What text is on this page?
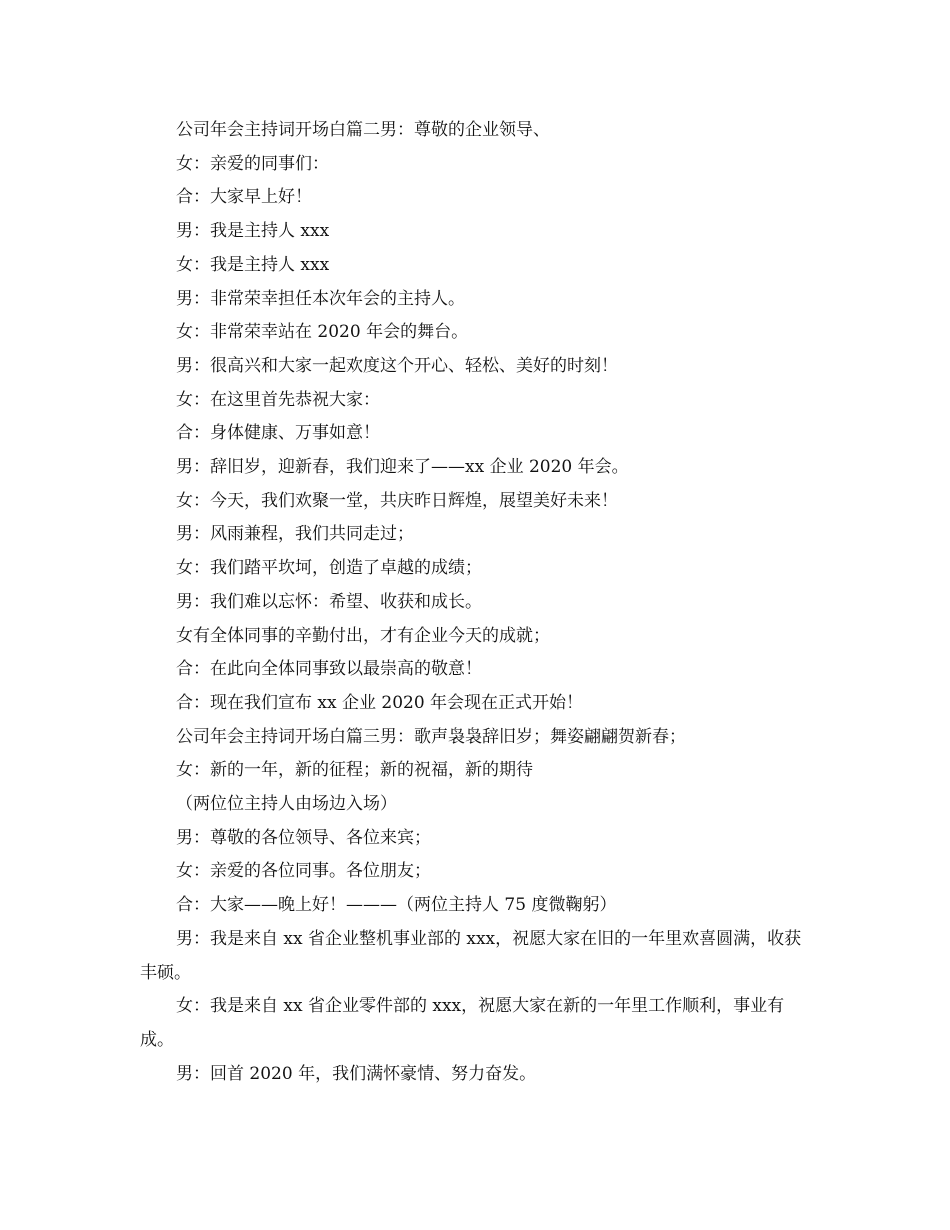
公司年会主持词开场白篇二男：尊敬的企业领导、

女：亲爱的同事们：

合：大家早上好！

男：我是主持人 xxx

女：我是主持人 xxx

男：非常荣幸担任本次年会的主持人。

女：非常荣幸站在 2020 年会的舞台。

男：很高兴和大家一起欢度这个开心、轻松、美好的时刻！

女：在这里首先恭祝大家：

合：身体健康、万事如意！

男：辞旧岁，迎新春，我们迎来了——xx 企业 2020 年会。

女：今天，我们欢聚一堂，共庆昨日辉煌，展望美好未来！

男：风雨兼程，我们共同走过；

女：我们踏平坎坷，创造了卓越的成绩；

男：我们难以忘怀：希望、收获和成长。

女有全体同事的辛勤付出，才有企业今天的成就；

合：在此向全体同事致以最崇高的敬意！

合：现在我们宣布 xx 企业 2020 年会现在正式开始！

公司年会主持词开场白篇三男：歌声袅袅辞旧岁；舞姿翩翩贺新春；

女：新的一年，新的征程；新的祝福，新的期待

（两位位主持人由场边入场）

男：尊敬的各位领导、各位来宾；

女：亲爱的各位同事。各位朋友；

合：大家——晚上好！———（两位主持人 75 度微鞠躬）

男：我是来自 xx 省企业整机事业部的 xxx，祝愿大家在旧的一年里欢喜圆满，收获丰硕。

女：我是来自 xx 省企业零件部的 xxx，祝愿大家在新的一年里工作顺利，事业有成。

男：回首 2020 年，我们满怀豪情、努力奋发。
